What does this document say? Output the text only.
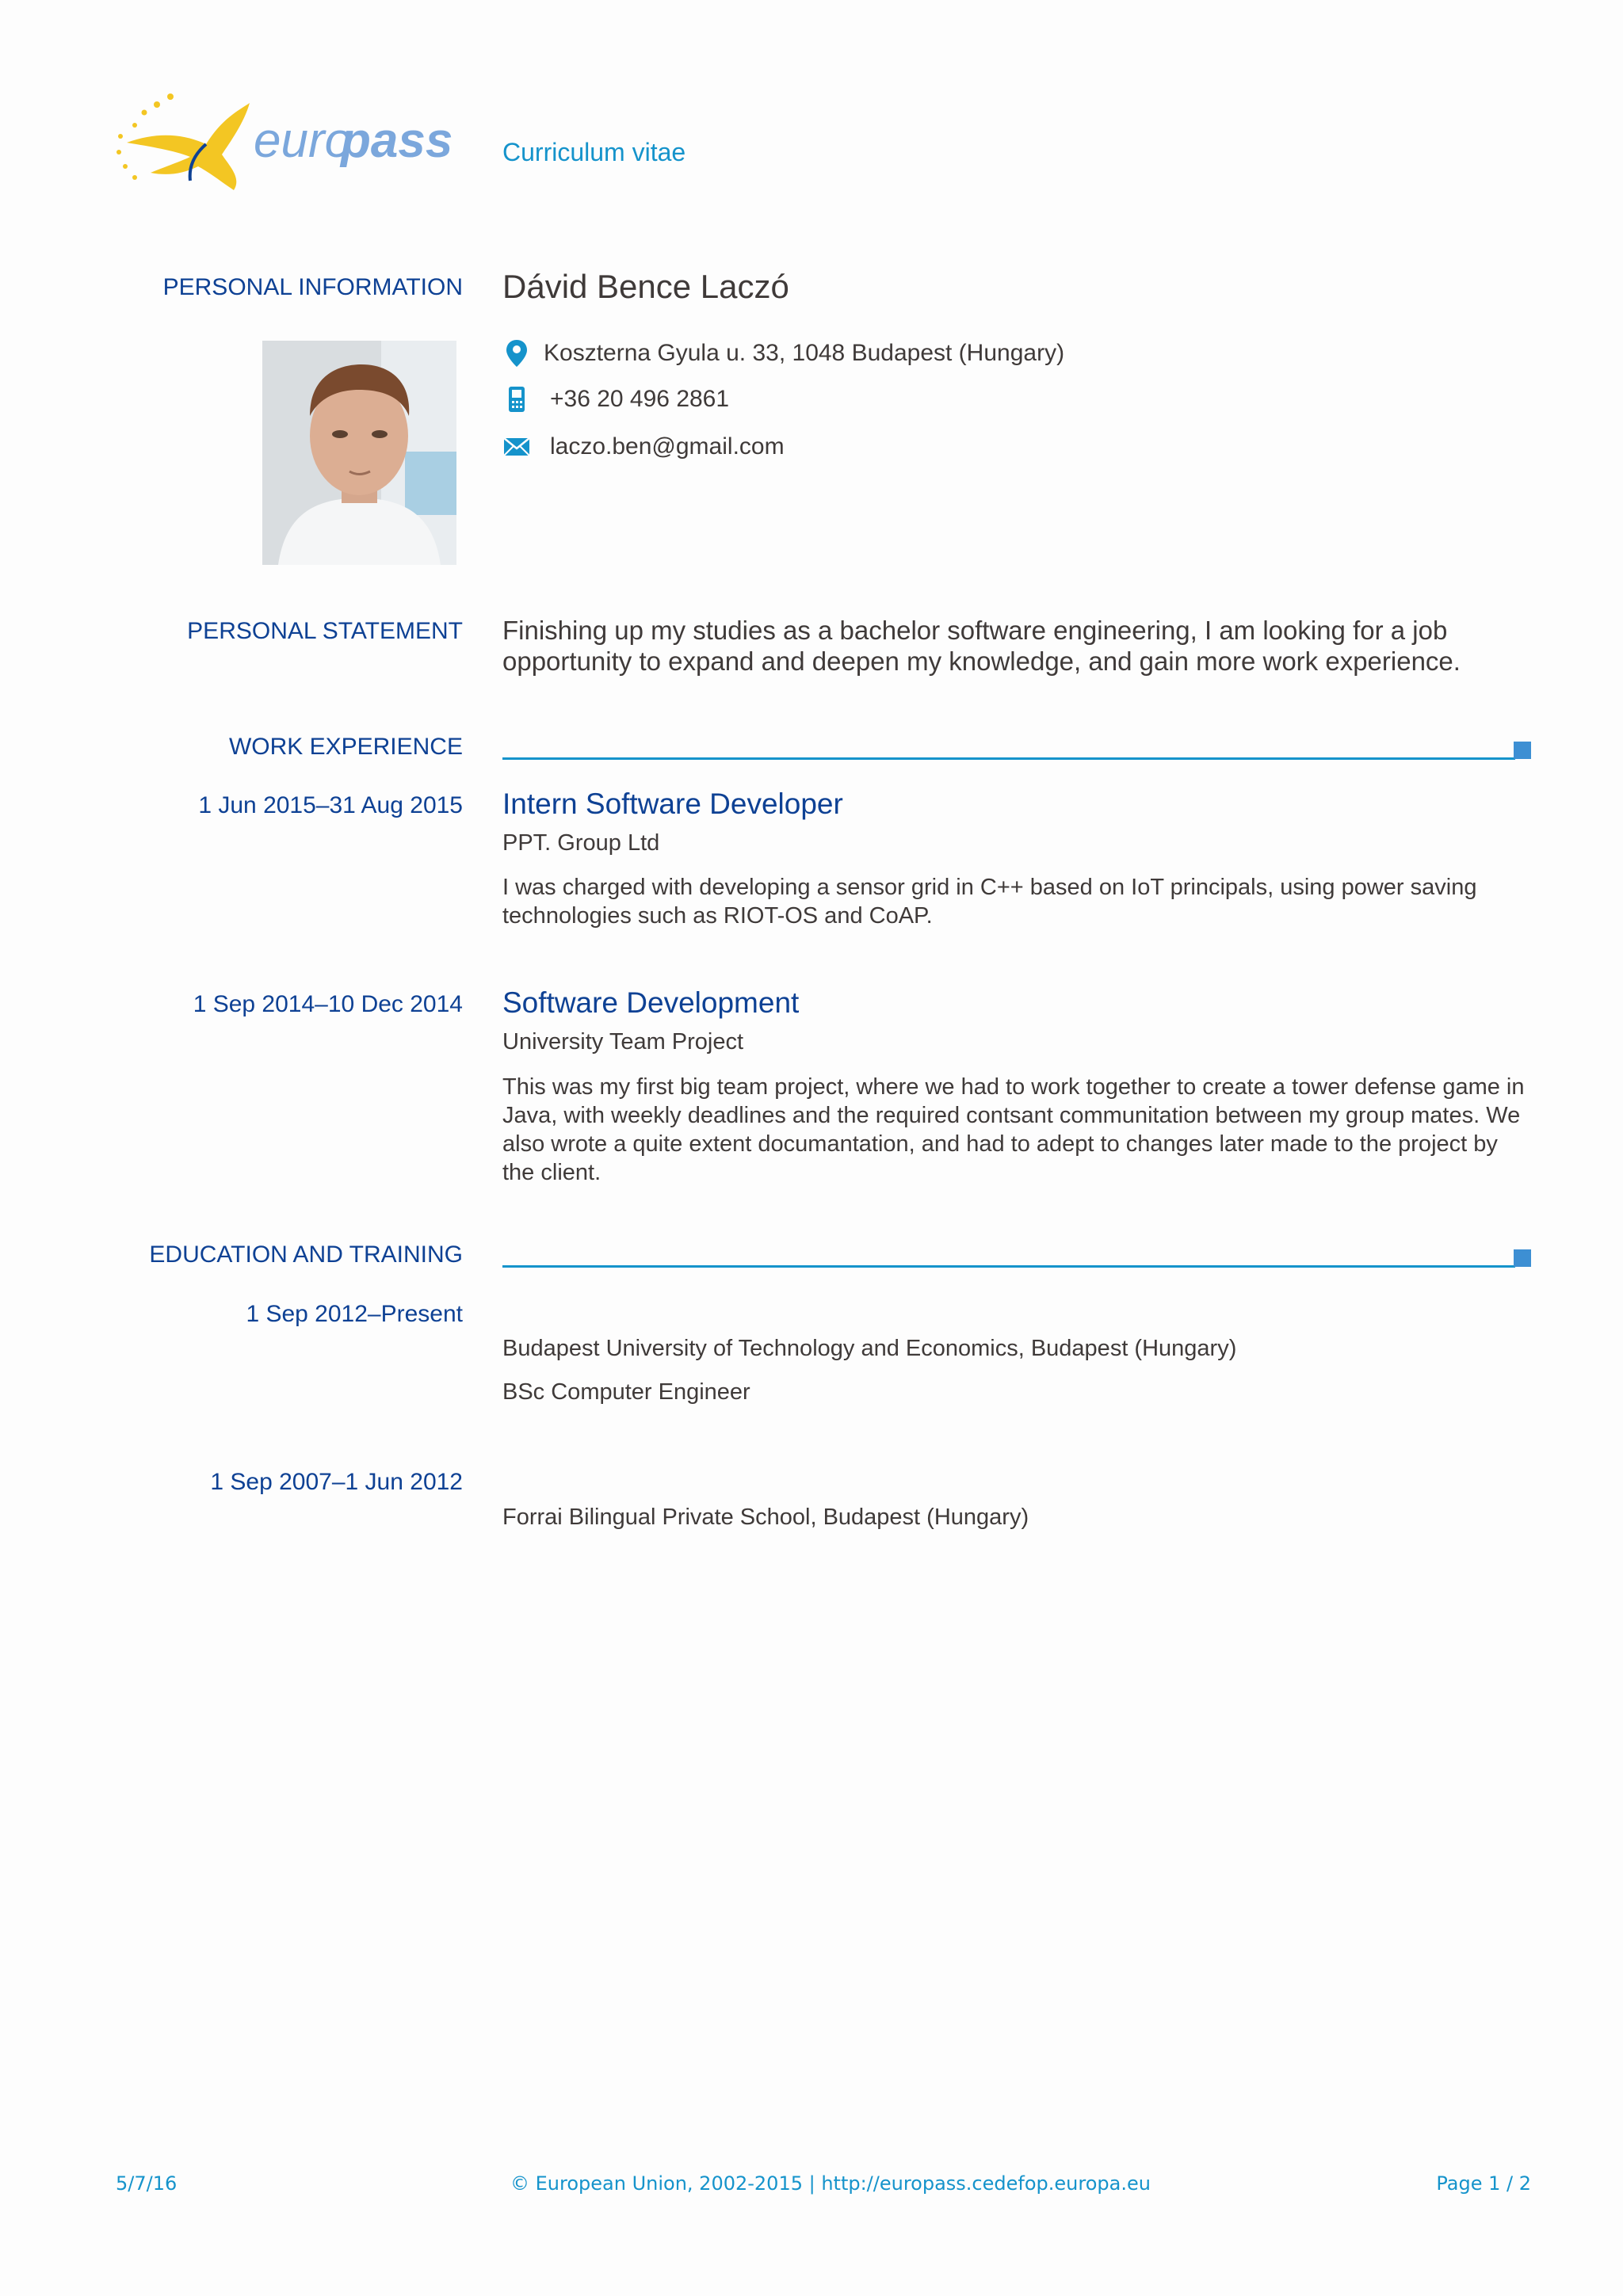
euro
pass Curriculum vitae
PERSONAL INFORMATION Dávid Bence Laczó
Koszterna Gyula u. 33, 1048 Budapest (Hungary)
+36 20 496 2861
laczo.ben@gmail.com
PERSONAL STATEMENT Finishing up my studies as a bachelor software engineering, I am looking for a job opportunity to expand and deepen my knowledge, and gain more work experience.
WORK EXPERIENCE
1 Jun 2015–31 Aug 2015 Intern Software Developer
PPT. Group Ltd
I was charged with developing a sensor grid in C++ based on IoT principals, using power saving technologies such as RIOT-OS and CoAP.
1 Sep 2014–10 Dec 2014 Software Development
University Team Project
This was my first big team project, where we had to work together to create a tower defense game in Java, with weekly deadlines and the required contsant communitation between my group mates. We also wrote a quite extent documantation, and had to adept to changes later made to the project by the client.
EDUCATION AND TRAINING
1 Sep 2012–Present
Budapest University of Technology and Economics, Budapest (Hungary)
BSc Computer Engineer
1 Sep 2007–1 Jun 2012
Forrai Bilingual Private School, Budapest (Hungary)
5/7/16	© European Union, 2002-2015 | http://europass.cedefop.europa.eu	Page 1 / 2
